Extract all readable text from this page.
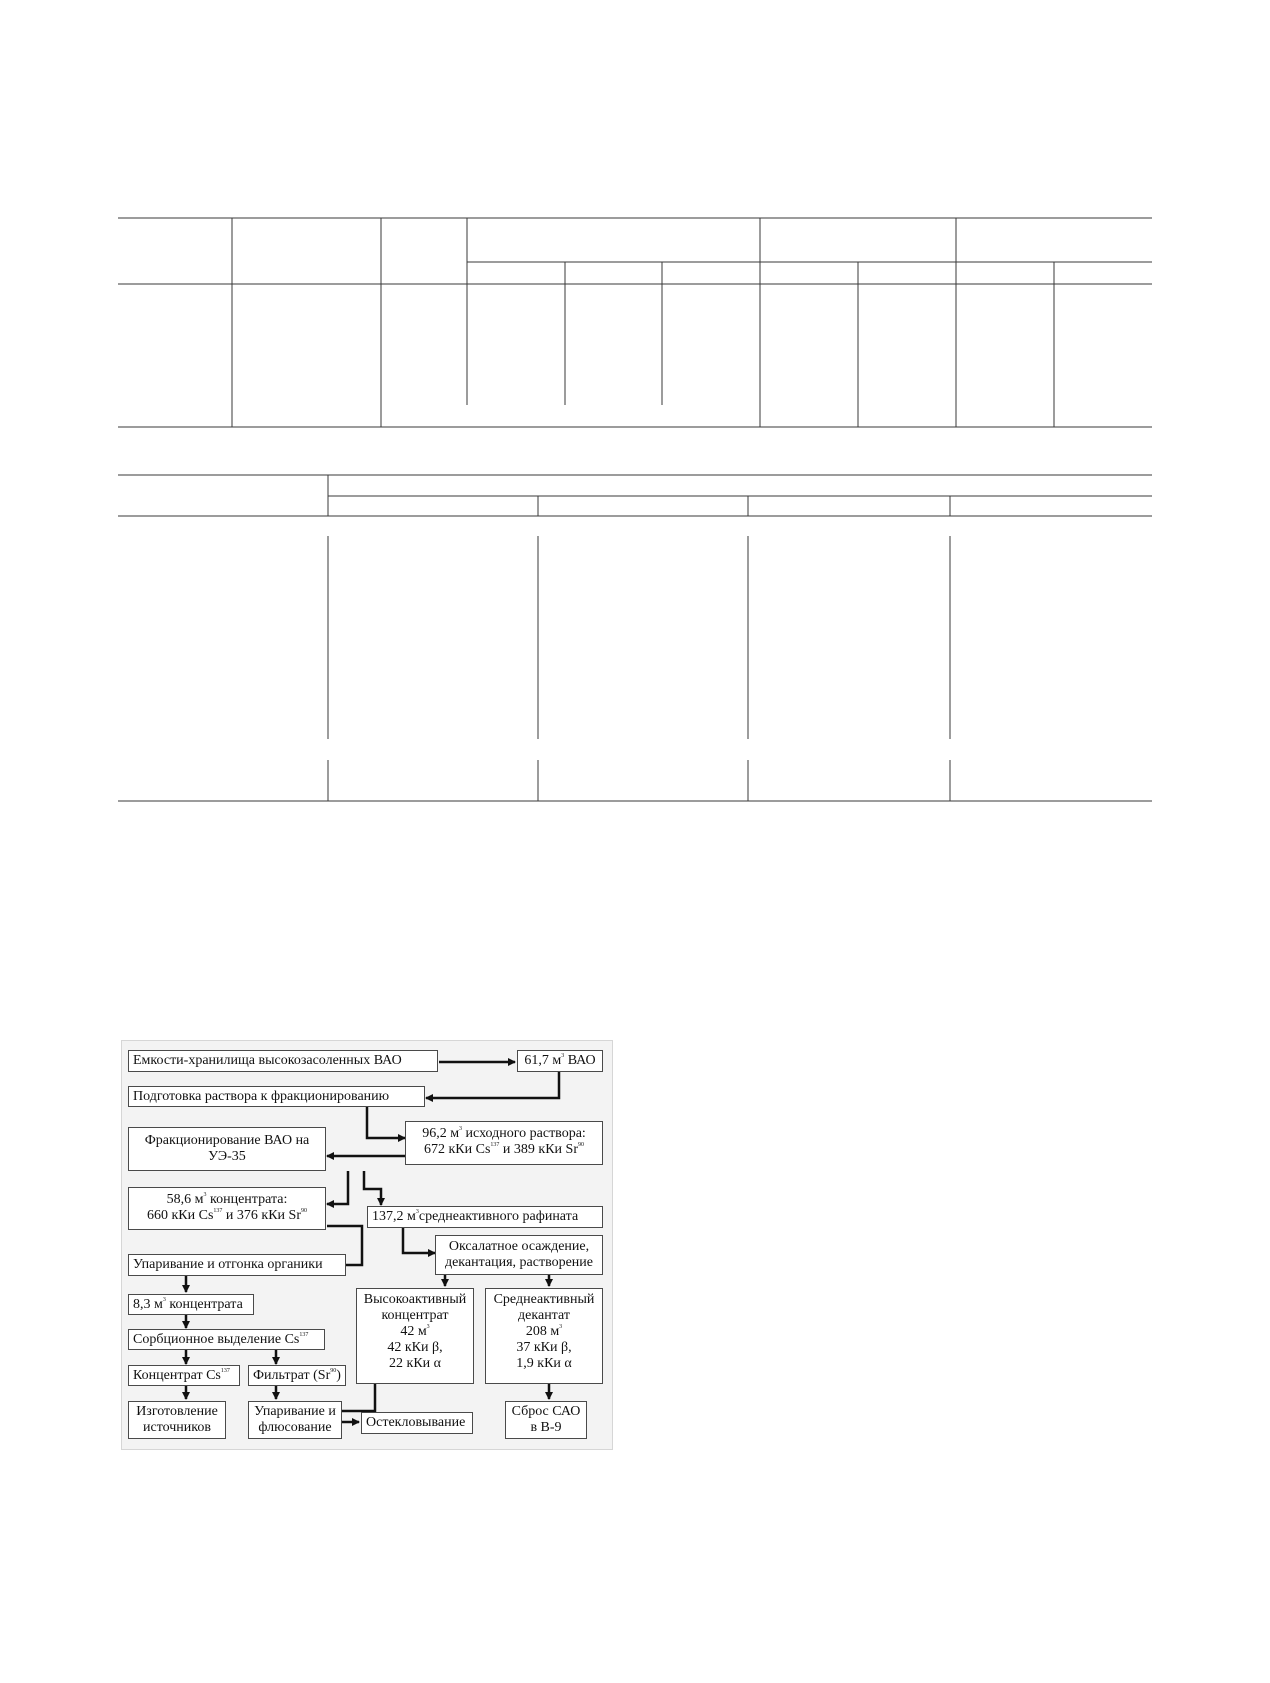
Емкости-хранилища высокозасоленных ВАО	61,7 $м^3$ ВАО
Подготовка раствора к фракционированию
Фракционирование ВАО на
УЭ-35
96,2 $м^3$ исходного раствора:
672 кКи Cs$^{137}$ и 389 кКи Sr$^{90}$
58,6 $м^3$ концентрата:
660 кКи Cs$^{137}$ и 376 кКи Sr$^{90}$	137,2 $м^3среднеактивного$ рафината
Упаривание и отгонка органики
Оксалатное осаждение,
декантация, растворение
8,3 $м^3$ концентрата
Сорбционное выделение Cs$^{137}$
Высокоактивный
концентрат
42 $м^3$
42 кКи β,
22 кКи α
Среднеактивный
декантат
208 $м^3$
37 кКи β,
1,9 кКи α
Концентрат Cs$^{137}$	Фильтрат (Sr$^{90}$)
Изготовление
источников
Упаривание и
флюсование	Остекловывание
Сброс САО
в В-9
